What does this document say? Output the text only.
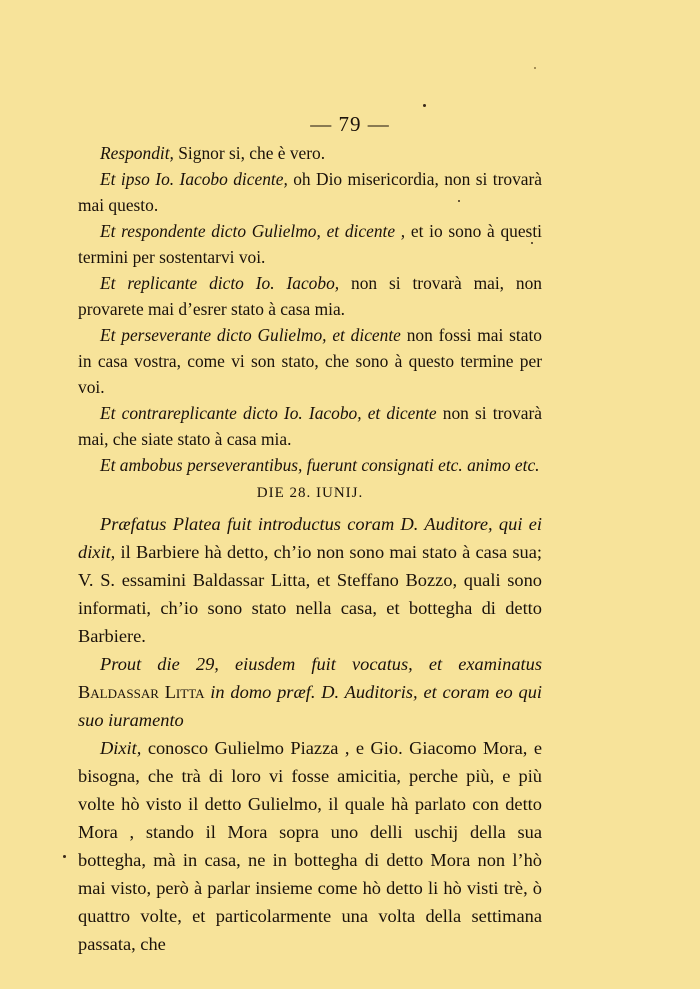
— 79 —

Respondit, Signor si, che è vero.

Et ipso Io. Iacobo dicente, oh Dio misericordia, non si trovarà mai questo.

Et respondente dicto Gulielmo, et dicente , et io sono à questi termini per sostentarvi voi.

Et replicante dicto Io. Iacobo, non si trovarà mai, non provarete mai d’esrer stato à casa mia.

Et perseverante dicto Gulielmo, et dicente non fossi mai stato in casa vostra, come vi son stato, che sono à questo termine per voi.

Et contrareplicante dicto Io. Iacobo, et dicente non si trovarà mai, che siate stato à casa mia.

Et ambobus perseverantibus, fuerunt consignati etc. animo etc.

DIE 28. IUNIJ.

Præfatus Platea fuit introductus coram D. Auditore, qui ei dixit, il Barbiere hà detto, ch’io non sono mai stato à casa sua; V. S. essamini Baldassar Litta, et Steffano Bozzo, quali sono informati, ch’io sono stato nella casa, et bottegha di detto Barbiere.

Prout die 29, eiusdem fuit vocatus, et examinatus Baldassar Litta in domo præf. D. Auditoris, et coram eo qui suo iuramento

Dixit, conosco Gulielmo Piazza , e Gio. Giacomo Mora, e bisogna, che trà di loro vi fosse amicitia, perche più, e più volte hò visto il detto Gulielmo, il quale hà parlato con detto Mora , stando il Mora sopra uno delli uschij della sua bottegha, mà in casa, ne in bottegha di detto Mora non l’hò mai visto, però à parlar insieme come hò detto li hò visti trè, ò quattro volte, et particolarmente una volta della settimana passata, che
